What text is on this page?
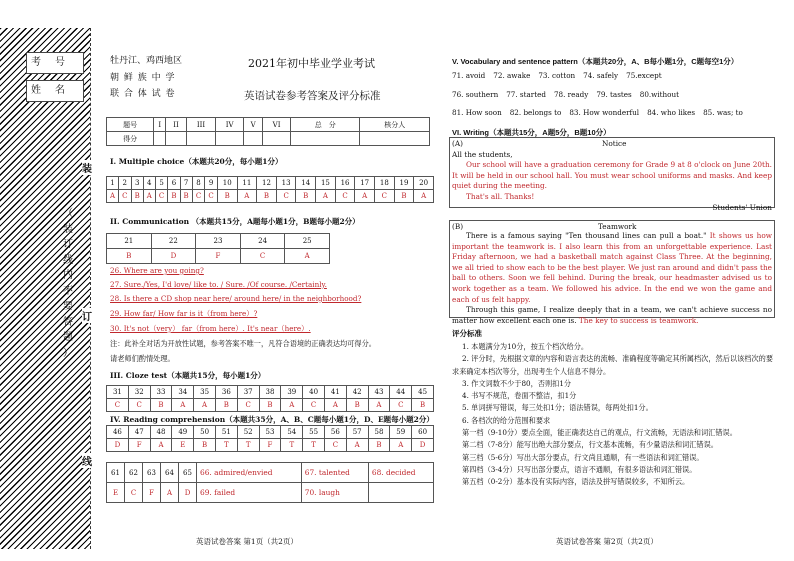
考号
姓名
（
装
订
线
内
不
要
答
题
）
装
订
线
牡丹江、鸡西地区
朝 鲜 族 中 学
联 合 体 试 卷
2021年初中毕业学业考试
英语试卷参考答案及评分标准
题号	I	II	III	IV	V	VI	总　分	核分人
得分								
I. Multiple choice（本题共20分，每小题1分）
1	2	3	4	5	6	7	8	9	10	11	12	13	14	15	16	17	18	19	20
A	C	B	A	C	B	B	C	C	B	A	B	C	B	A	C	A	C	B	A
II. Communication （本题共15分，A题每小题1分，B题每小题2分）
21	22	23	24	25
B	D	F	C	A
26. Where are you going?
27. Sure./Yes, I'd love/ like to. / Sure. /Of course. /Certainly.
28. Is there a CD shop near here/ around here/ in the neighborhood?
29. How far/ How far is it（from here）?
30. It's not（very） far（from here）. It's near（here）.
注：此补全对话为开放性试题，参考答案不唯一，凡符合语境的正确表达均可得分。
请老师们酌情处理。
III. Cloze test（本题共15分，每小题1分）
31	32	33	34	35	36	37	38	39	40	41	42	43	44	45
C	C	B	A	A	B	C	B	A	C	A	B	A	C	B
IV. Reading comprehension（本题共35分，A、B、C题每小题1分，D、E题每小题2分）
46	47	48	49	50	51	52	53	54	55	56	57	58	59	60
D	F	A	E	B	T	T	F	T	T	C	A	B	A	D
61	62	63	64	65	66. admired/envied	67. talented	68. decided
E	C	F	A	D	69. failed	70. laugh	
英语试卷答案 第1页（共2页）
V. Vocabulary and sentence pattern（本题共20分，A、B每小题1分，C题每空1分）
71. avoid 72. awake 73. cotton 74. safely 75.except
76. southern 77. started 78. ready 79. tastes 80.without
81. How soon 82. belongs to 83. How wonderful 84. who likes 85. was; to
VI. Writing（本题共15分，A题5分，B题10分）
(A)	Notice
All the students,
Our school will have a graduation ceremony for Grade 9 at 8 o'clock on June 20th. It will be held in our school hall. You must wear school uniforms and masks. And keep quiet during the meeting.
That's all. Thanks!
Students' Union
(B)	Teamwork
There is a famous saying "Ten thousand lines can pull a boat." It shows us how important the teamwork is. I also learn this from an unforgettable experience. Last Friday afternoon, we had a basketball match against Class Three. At the beginning, we all tried to show each to be the best player. We just ran around and didn't pass the ball to others. Soon we fell behind. During the break, our headmaster advised us to work together as a team. We followed his advice. In the end we won the game and each of us felt happy.
Through this game, I realize deeply that in a team, we can't achieve success no matter how excellent each one is. The key to success is teamwork.
评分标准
1. 本题满分为10分，按五个档次给分。
2. 评分时，先根据文章的内容和语言表达的流畅、准确程度等确定其所属档次，然后以该档次的要求来确定本档次等分，出现考生个人信息不得分。
3. 作文词数不少于80，否则扣1分
4. 书写不规范，卷面不整洁，扣1分
5. 单词拼写错误，每三处扣1分；语法错误，每两处扣1分。
6. 各档次的给分范围和要求
第一档（9-10分）要点全面，能正确表达自己的观点，行文流畅，无语法和词汇错误。
第二档（7-8分）能写出绝大部分要点，行文基本流畅，有少量语法和词汇错误。
第三档（5-6分）写出大部分要点，行文尚且通顺，有一些语法和词汇错误。
第四档（3-4分）只写出部分要点，语言不通顺，有很多语法和词汇错误。
第五档（0-2分）基本没有实际内容，语法及拼写错误较多，不知所云。
英语试卷答案 第2页（共2页）
